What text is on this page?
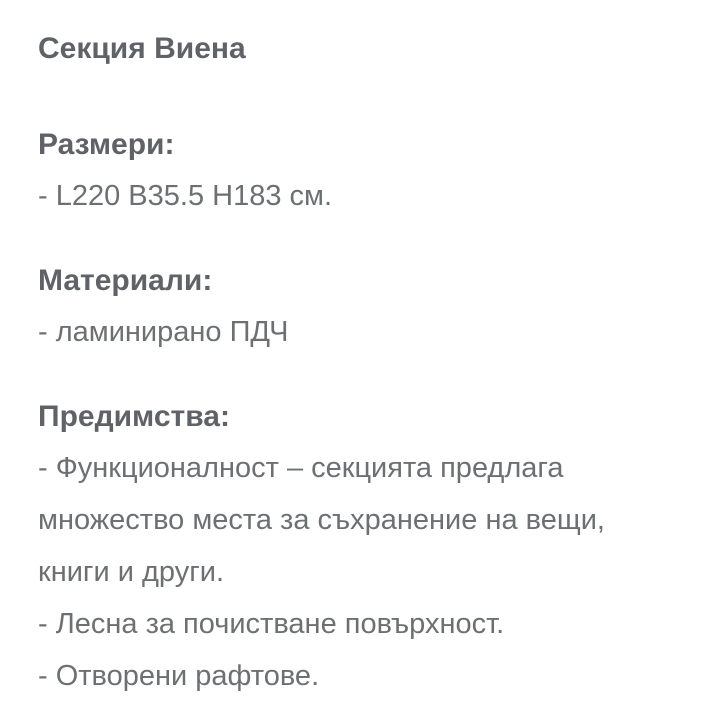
Секция Виена
Размери:

- L220 B35.5 H183 см.

Материали:

- ламинирано ПДЧ

Предимства:

- Функционалност – секцията предлага множество места за съхранение на вещи, книги и други.

- Лесна за почистване повърхност.

- Отворени рафтове.
